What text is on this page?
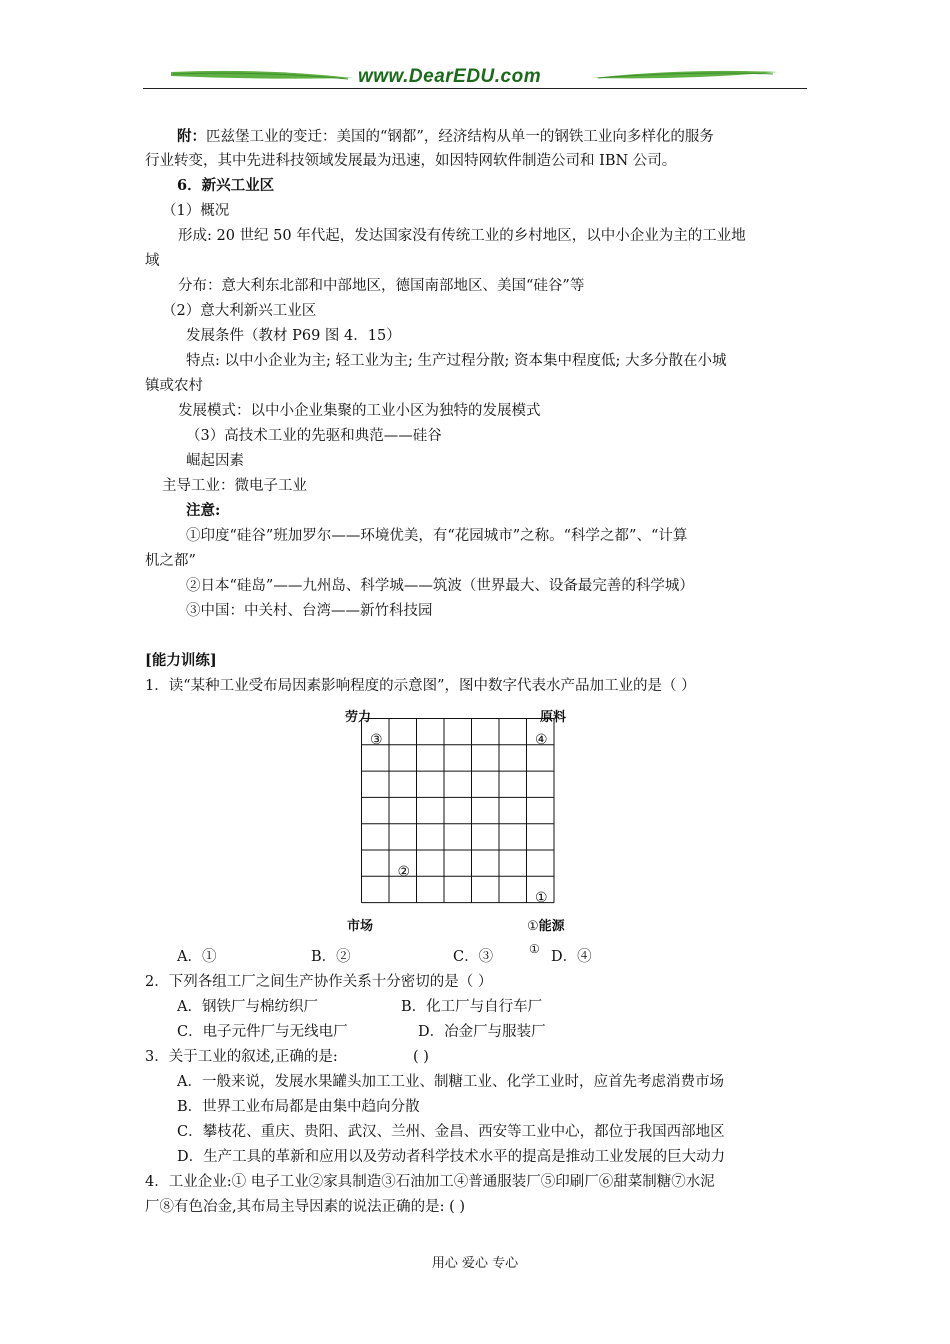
www.DearEDU.com
附：匹兹堡工业的变迁：美国的“钢都”，经济结构从单一的钢铁工业向多样化的服务
行业转变，其中先进科技领域发展最为迅速，如因特网软件制造公司和 IBN 公司。
6．新兴工业区
（1）概况
形成: 20 世纪 50 年代起，发达国家没有传统工业的乡村地区，以中小企业为主的工业地
域
分布：意大利东北部和中部地区，德国南部地区、美国“硅谷”等
（2）意大利新兴工业区
发展条件（教材 P69 图 4．15）
特点: 以中小企业为主; 轻工业为主; 生产过程分散; 资本集中程度低; 大多分散在小城
镇或农村
发展模式：以中小企业集聚的工业小区为独特的发展模式
（3）高技术工业的先驱和典范——硅谷
崛起因素
主导工业：微电子工业
注意:
①印度“硅谷”班加罗尔——环境优美，有“花园城市”之称。“科学之都”、“计算
机之都”
②日本“硅岛”——九州岛、科学城——筑波（世界最大、设备最完善的科学城）
③中国：中关村、台湾——新竹科技园
[能力训练]
1．读“某种工业受布局因素影响程度的示意图”，图中数字代表水产品加工业的是（ ）
劳力	原料
市场	①能源
③	④
②
①
A．①	B．②	C．③	① D．④
2．下列各组工厂之间生产协作关系十分密切的是（ ）
A．钢铁厂与棉纺织厂	B．化工厂与自行车厂
C．电子元件厂与无线电厂	D．冶金厂与服装厂
3．关于工业的叙述,正确的是:	( )
A．一般来说，发展水果罐头加工工业、制糖工业、化学工业时，应首先考虑消费市场
B．世界工业布局都是由集中趋向分散
C．攀枝花、重庆、贵阳、武汉、兰州、金昌、西安等工业中心，都位于我国西部地区
D．生产工具的革新和应用以及劳动者科学技术水平的提高是推动工业发展的巨大动力
4．工业企业:① 电子工业②家具制造③石油加工④普通服装厂⑤印刷厂⑥甜菜制糖⑦水泥
厂⑧有色冶金,其布局主导因素的说法正确的是: ( )
用心 爱心 专心
